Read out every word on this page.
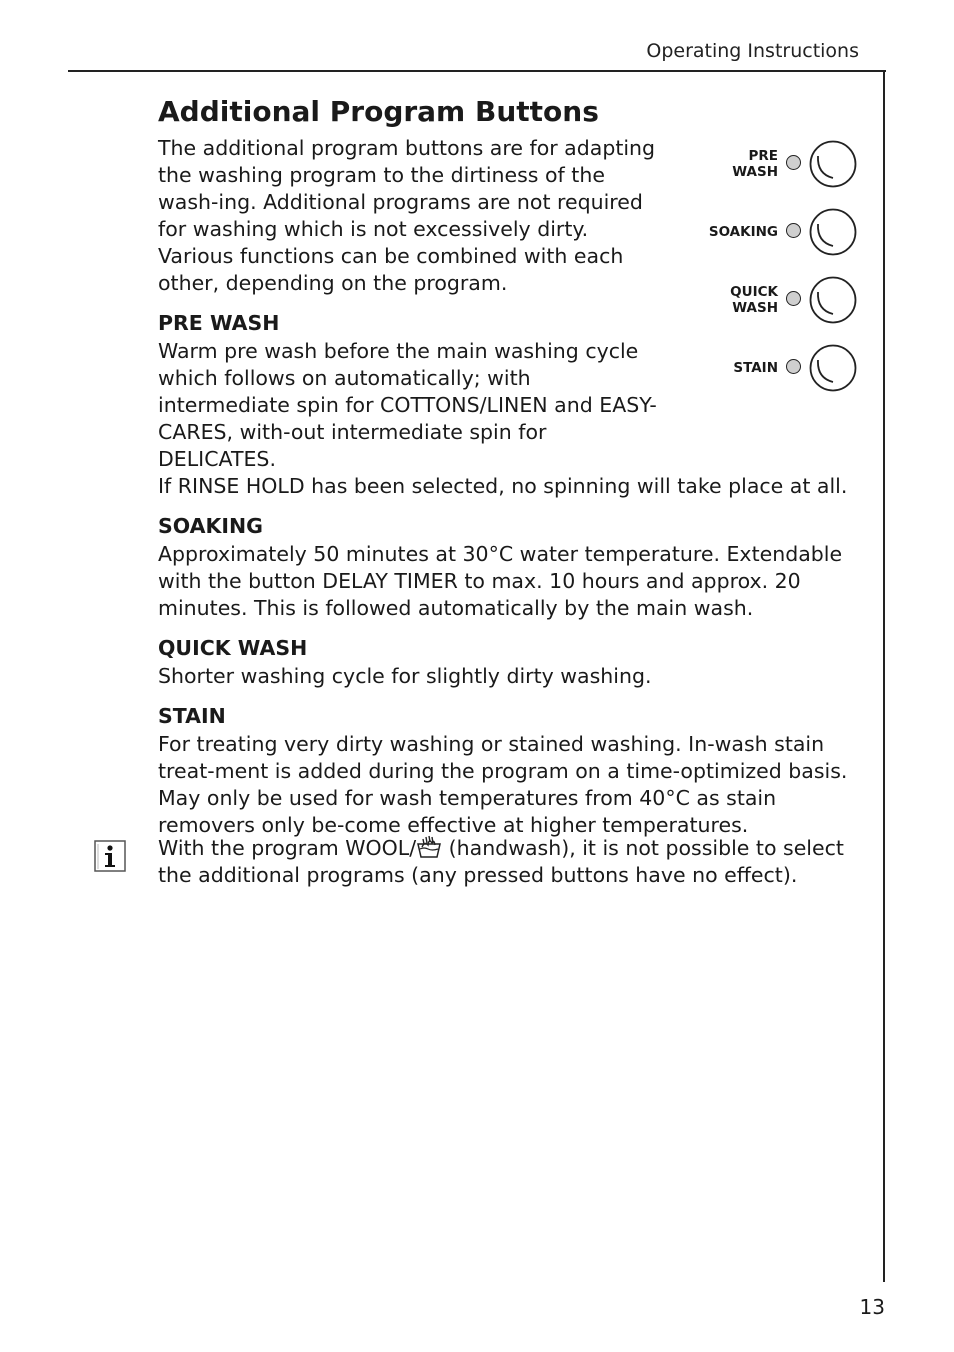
Operating Instructions
Additional Program Buttons

The additional program buttons are for adapting the washing program to the dirtiness of the wash-ing. Additional programs are not required for washing which is not excessively dirty.

Various functions can be combined with each other, depending on the program.

PRE WASH

Warm pre wash before the main washing cycle which follows on automatically; with intermediate spin for COTTONS/LINEN and EASY-CARES, with-out intermediate spin for DELICATES.

If RINSE HOLD has been selected, no spinning will take place at all.

SOAKING

Approximately 50 minutes at 30°C water temperature. Extendable with the button DELAY TIMER to max. 10 hours and approx. 20 minutes. This is followed automatically by the main wash.

QUICK WASH

Shorter washing cycle for slightly dirty washing.

STAIN

For treating very dirty washing or stained washing. In-wash stain treat-ment is added during the program on a time-optimized basis. May only be used for wash temperatures from 40°C as stain removers only be-come effective at higher temperatures.

PRE
WASH
SOAKING
QUICK
WASH
STAIN

With the program WOOL/ (handwash), it is not possible to select the additional programs (any pressed buttons have no effect).

13
